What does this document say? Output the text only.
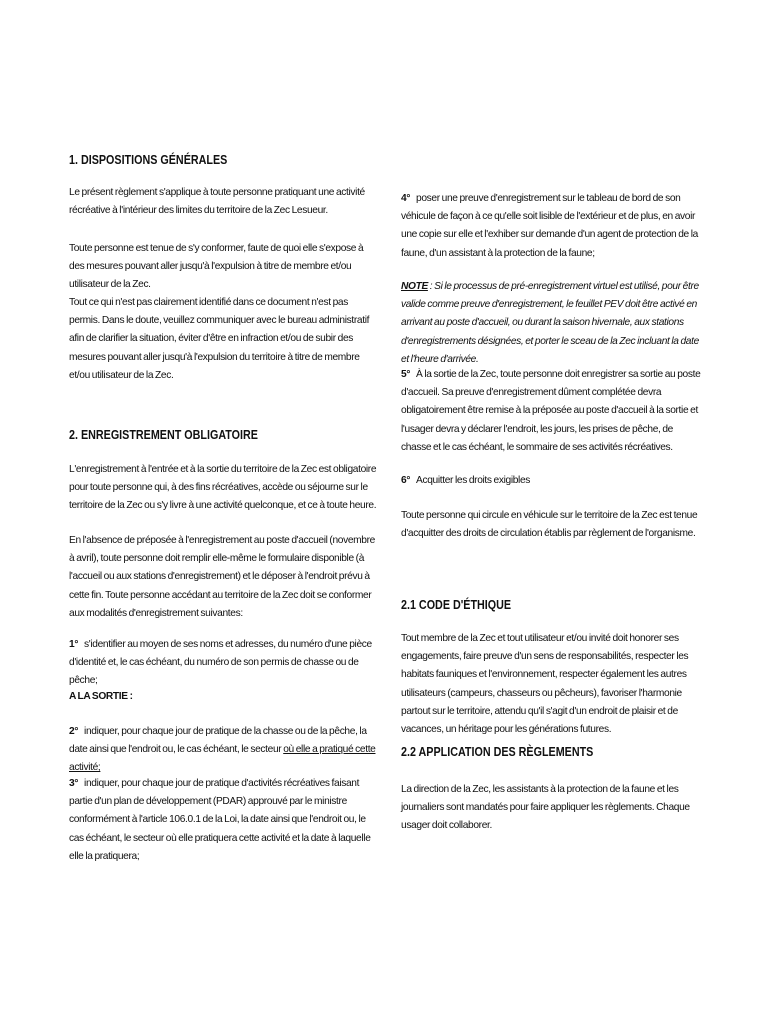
1. DISPOSITIONS GÉNÉRALES

Le présent règlement s'applique à toute personne pratiquant une activité récréative à l'intérieur des limites du territoire de la Zec Lesueur.

Toute personne est tenue de s'y conformer, faute de quoi elle s'expose à des mesures pouvant aller jusqu'à l'expulsion à titre de membre et/ou utilisateur de la Zec.

Tout ce qui n'est pas clairement identifié dans ce document n'est pas permis. Dans le doute, veuillez communiquer avec le bureau administratif afin de clarifier la situation, éviter d'être en infraction et/ou de subir des mesures pouvant aller jusqu'à l'expulsion du territoire à titre de membre et/ou utilisateur de la Zec.

2. ENREGISTREMENT OBLIGATOIRE

L'enregistrement à l'entrée et à la sortie du territoire de la Zec est obligatoire pour toute personne qui, à des fins récréatives, accède ou séjourne sur le territoire de la Zec ou s'y livre à une activité quelconque, et ce à toute heure.

En l'absence de préposée à l'enregistrement au poste d'accueil (novembre à avril), toute personne doit remplir elle-même le formulaire disponible (à l'accueil ou aux stations d'enregistrement) et le déposer à l'endroit prévu à cette fin. Toute personne accédant au territoire de la Zec doit se conformer aux modalités d'enregistrement suivantes:

1° s'identifier au moyen de ses noms et adresses, du numéro d'une pièce d'identité et, le cas échéant, du numéro de son permis de chasse ou de pêche;

A LA SORTIE :

2° indiquer, pour chaque jour de pratique de la chasse ou de la pêche, la date ainsi que l'endroit ou, le cas échéant, le secteur où elle a pratiqué cette activité;

3° indiquer, pour chaque jour de pratique d'activités récréatives faisant partie d'un plan de développement (PDAR) approuvé par le ministre conformément à l'article 106.0.1 de la Loi, la date ainsi que l'endroit ou, le cas échéant, le secteur où elle pratiquera cette activité et la date à laquelle elle la pratiquera;

4° poser une preuve d'enregistrement sur le tableau de bord de son véhicule de façon à ce qu'elle soit lisible de l'extérieur et de plus, en avoir une copie sur elle et l'exhiber sur demande d'un agent de protection de la faune, d'un assistant à la protection de la faune;

NOTE : Si le processus de pré-enregistrement virtuel est utilisé, pour être valide comme preuve d'enregistrement, le feuillet PEV doit être activé en arrivant au poste d'accueil, ou durant la saison hivernale, aux stations d'enregistrements désignées, et porter le sceau de la Zec incluant la date et l'heure d'arrivée.

5° À la sortie de la Zec, toute personne doit enregistrer sa sortie au poste d'accueil. Sa preuve d'enregistrement dûment complétée devra obligatoirement être remise à la préposée au poste d'accueil à la sortie et l'usager devra y déclarer l'endroit, les jours, les prises de pêche, de chasse et le cas échéant, le sommaire de ses activités récréatives.

6° Acquitter les droits exigibles

Toute personne qui circule en véhicule sur le territoire de la Zec est tenue d'acquitter des droits de circulation établis par règlement de l'organisme.

2.1 CODE D'ÉTHIQUE

Tout membre de la Zec et tout utilisateur et/ou invité doit honorer ses engagements, faire preuve d'un sens de responsabilités, respecter les habitats fauniques et l'environnement, respecter également les autres utilisateurs (campeurs, chasseurs ou pêcheurs), favoriser l'harmonie partout sur le territoire, attendu qu'il s'agit d'un endroit de plaisir et de vacances, un héritage pour les générations futures.

2.2 APPLICATION DES RÈGLEMENTS

La direction de la Zec, les assistants à la protection de la faune et les journaliers sont mandatés pour faire appliquer les règlements. Chaque usager doit collaborer.
